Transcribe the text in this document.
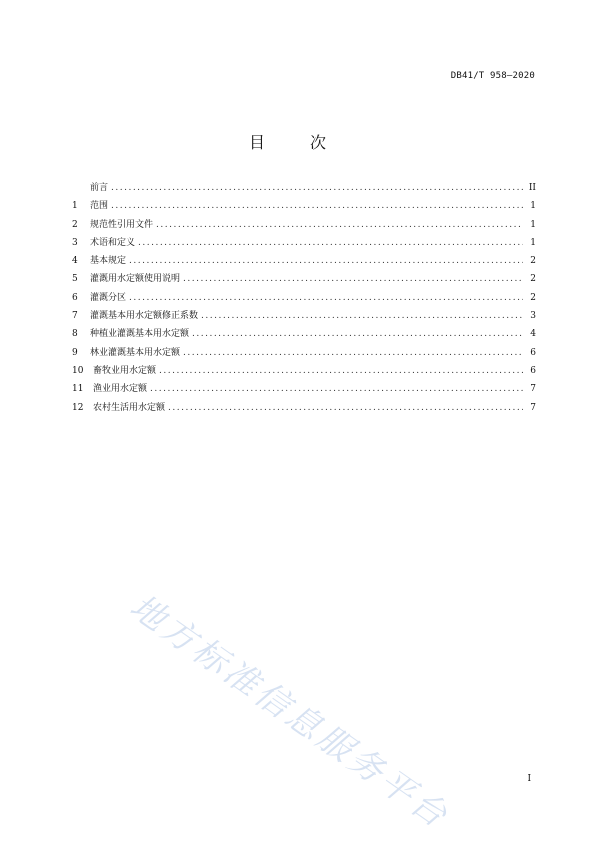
DB41/T 958—2020
目 次
前言 .....	II
1	范围 .....	1
2	规范性引用文件 .....	1
3	术语和定义 .....	1
4	基本规定 .....	2
5	灌溉用水定额使用说明 .....	2
6	灌溉分区 .....	2
7	灌溉基本用水定额修正系数 .....	3
8	种植业灌溉基本用水定额 .....	4
9	林业灌溉基本用水定额 .....	6
10	畜牧业用水定额 .....	6
11	渔业用水定额 .....	7
12	农村生活用水定额 .....	7
地方标准信息服务平台	I
